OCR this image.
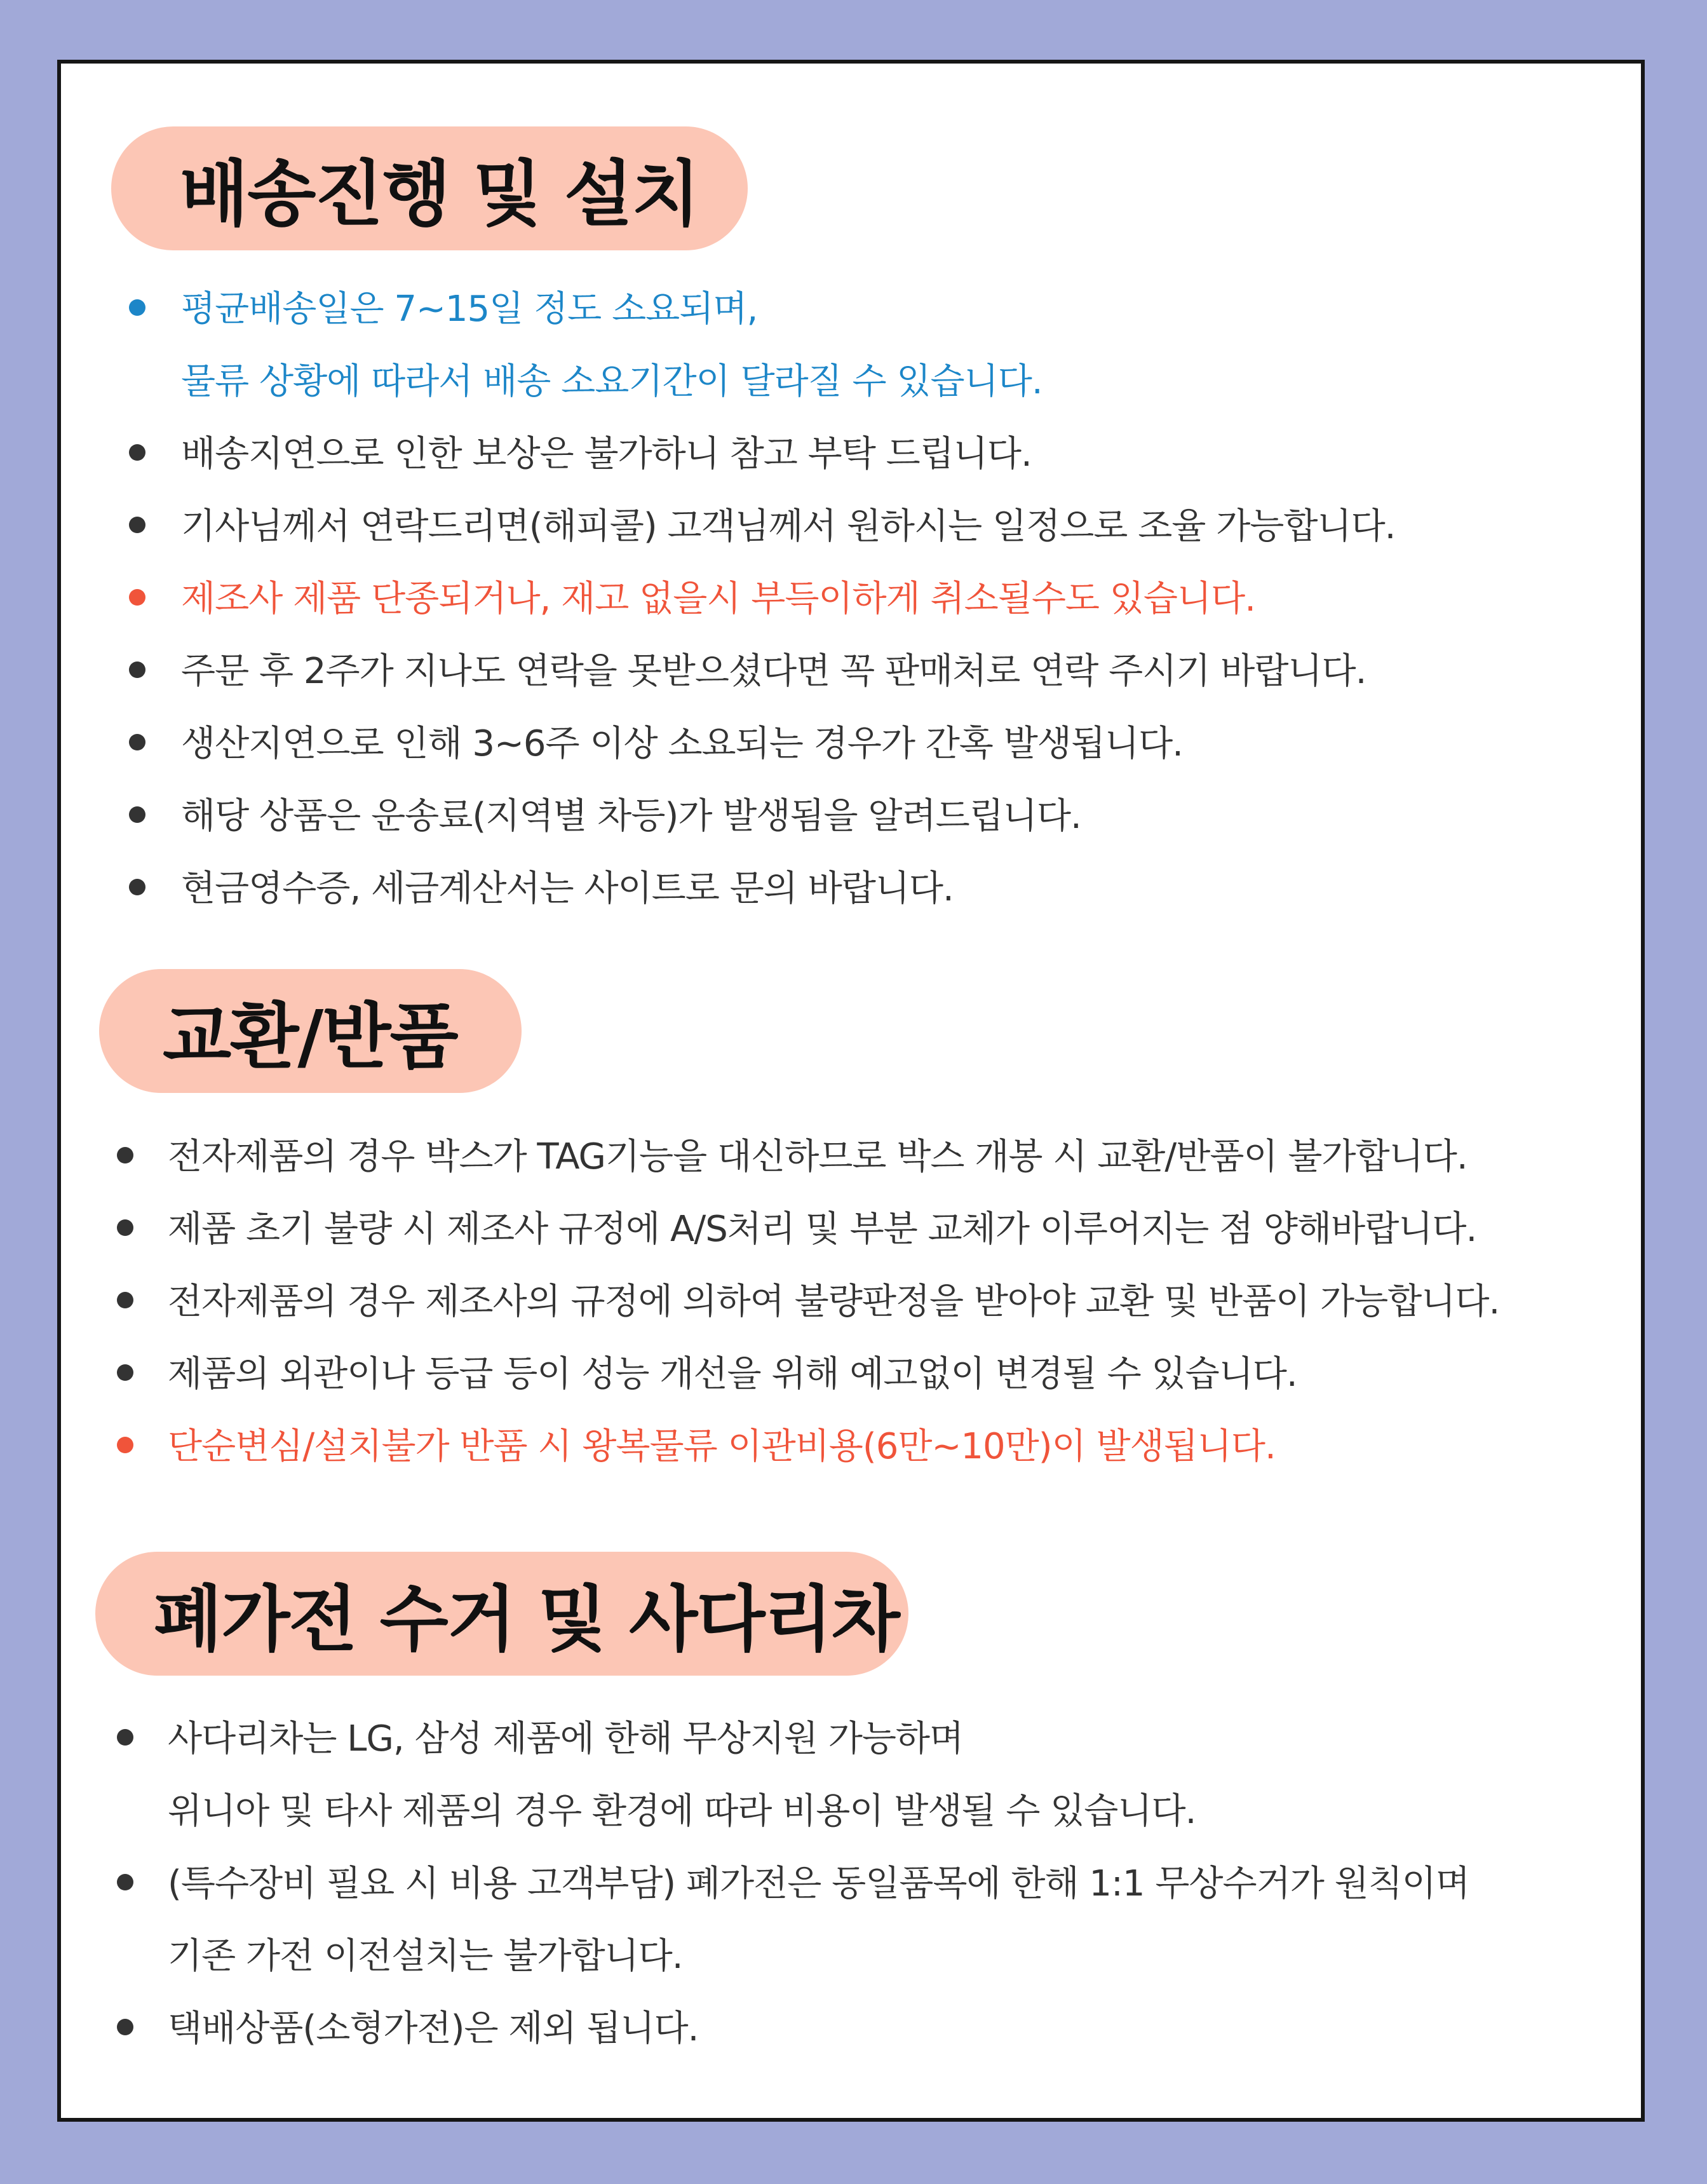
배송진행 및 설치
평균배송일은 7~15일 정도 소요되며,
물류 상황에 따라서 배송 소요기간이 달라질 수 있습니다.
배송지연으로 인한 보상은 불가하니 참고 부탁 드립니다.
기사님께서 연락드리면(해피콜) 고객님께서 원하시는 일정으로 조율 가능합니다.
제조사 제품 단종되거나, 재고 없을시 부득이하게 취소될수도 있습니다.
주문 후 2주가 지나도 연락을 못받으셨다면 꼭 판매처로 연락 주시기 바랍니다.
생산지연으로 인해 3~6주 이상 소요되는 경우가 간혹 발생됩니다.
해당 상품은 운송료(지역별 차등)가 발생됨을 알려드립니다.
현금영수증, 세금계산서는 사이트로 문의 바랍니다.
교환/반품
전자제품의 경우 박스가 TAG기능을 대신하므로 박스 개봉 시 교환/반품이 불가합니다.
제품 초기 불량 시 제조사 규정에 A/S처리 및 부분 교체가 이루어지는 점 양해바랍니다.
전자제품의 경우 제조사의 규정에 의하여 불량판정을 받아야 교환 및 반품이 가능합니다.
제품의 외관이나 등급 등이 성능 개선을 위해 예고없이 변경될 수 있습니다.
단순변심/설치불가 반품 시 왕복물류 이관비용(6만~10만)이 발생됩니다.
폐가전 수거 및 사다리차
사다리차는 LG, 삼성 제품에 한해 무상지원 가능하며
위니아 및 타사 제품의 경우 환경에 따라 비용이 발생될 수 있습니다.
(특수장비 필요 시 비용 고객부담) 폐가전은 동일품목에 한해 1:1 무상수거가 원칙이며
기존 가전 이전설치는 불가합니다.
택배상품(소형가전)은 제외 됩니다.
